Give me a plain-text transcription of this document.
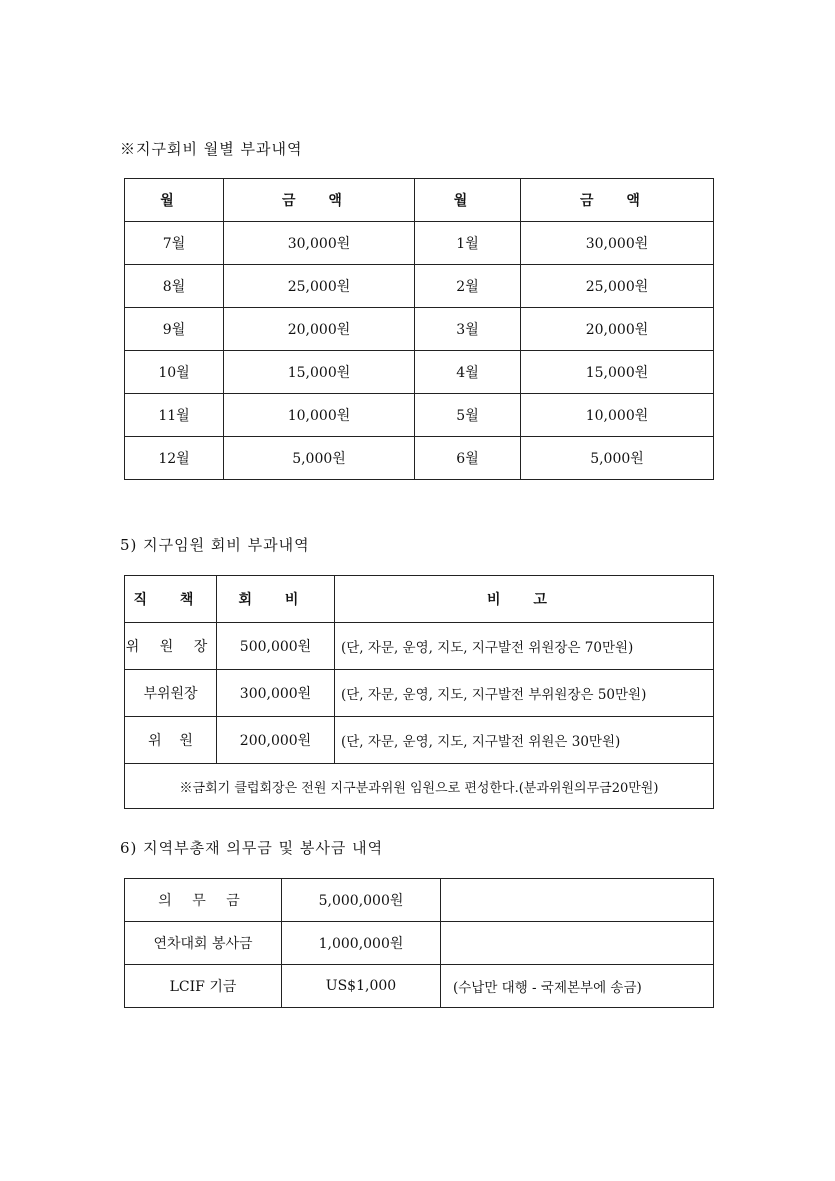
※지구회비 월별 부과내역
월	금 액	월	금 액
7월	30,000원	1월	30,000원
8월	25,000원	2월	25,000원
9월	20,000원	3월	20,000원
10월	15,000원	4월	15,000원
11월	10,000원	5월	10,000원
12월	5,000원	6월	5,000원
5) 지구임원 회비 부과내역
직 책	회 비	비 고
위 원 장	500,000원	(단, 자문, 운영, 지도, 지구발전 위원장은 70만원)
부위원장	300,000원	(단, 자문, 운영, 지도, 지구발전 부위원장은 50만원)
위    원	200,000원	(단, 자문, 운영, 지도, 지구발전 위원은 30만원)
※금회기 클럽회장은 전원 지구분과위원 임원으로 편성한다.(분과위원의무금20만원)		
6) 지역부총재 의무금 및 봉사금 내역
의 무 금	5,000,000원	
연차대회 봉사금	1,000,000원	
LCIF 기금	US$1,000	(수납만 대행 - 국제본부에 송금)
